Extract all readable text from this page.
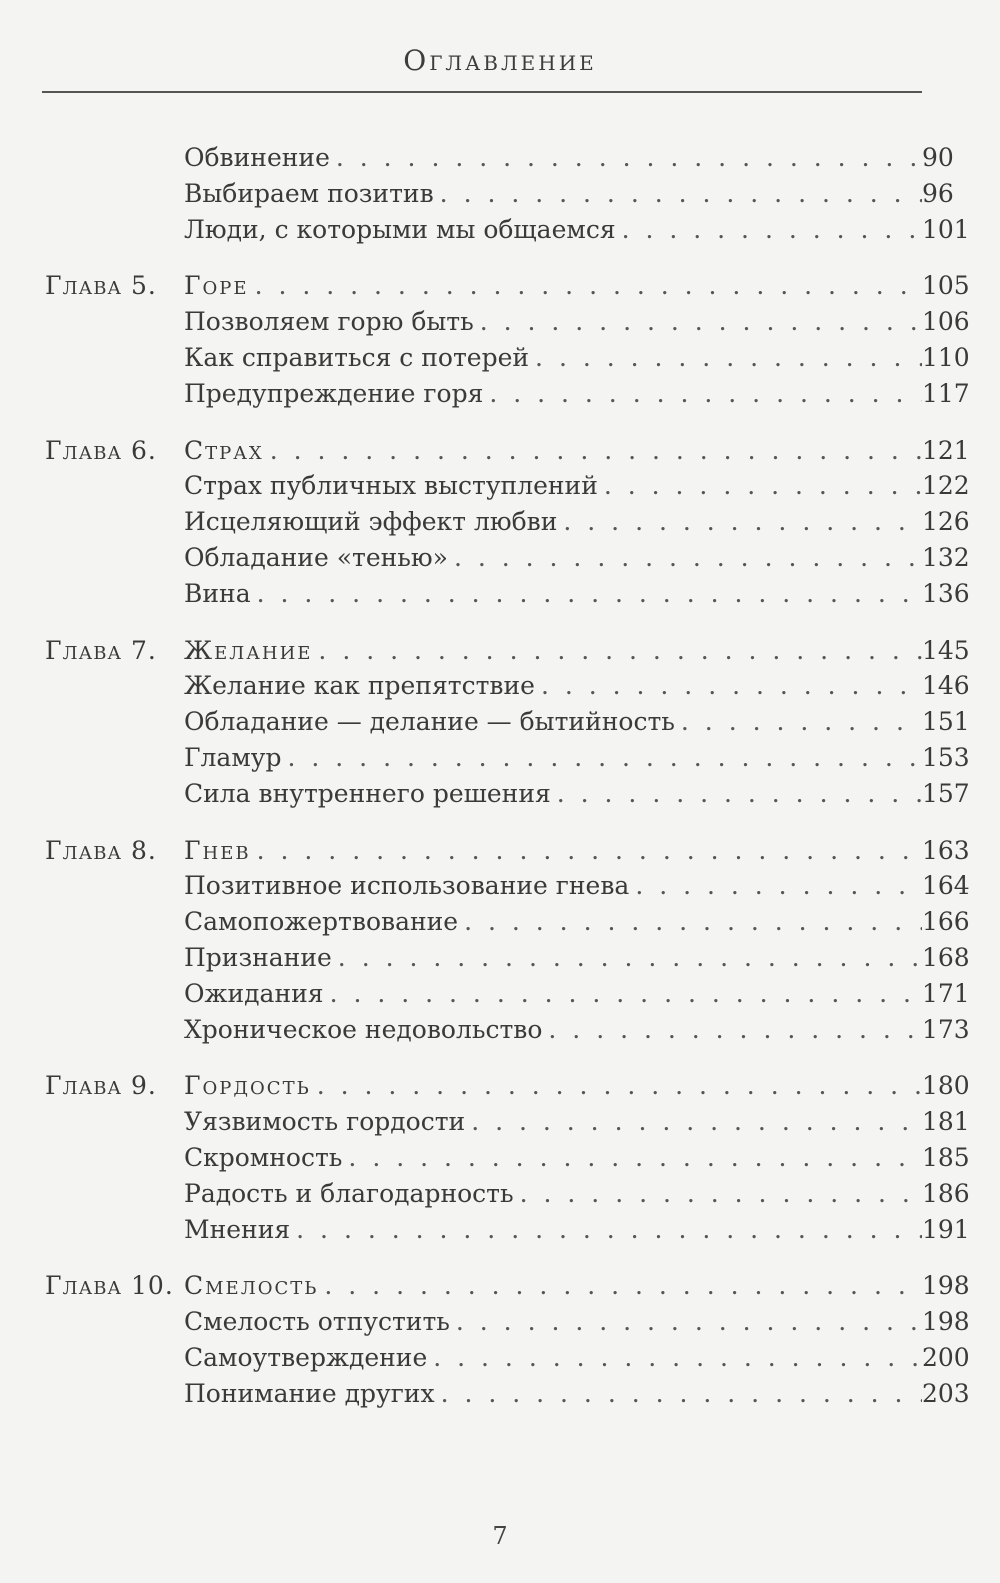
Оглавление
Обвинение . . .	90
Выбираем позитив . . .	96
Люди, с которыми мы общаемся . . .	101
Глава 5. Горе . . .	105
Позволяем горю быть . . .	106
Как справиться с потерей . . .	110
Предупреждение горя . . .	117
Глава 6. Страх . . .	121
Страх публичных выступлений . . .	122
Исцеляющий эффект любви . . .	126
Обладание «тенью» . . .	132
Вина . . .	136
Глава 7. Желание . . .	145
Желание как препятствие . . .	146
Обладание — делание — бытийность . . .	151
Гламур . . .	153
Сила внутреннего решения . . .	157
Глава 8. Гнев . . .	163
Позитивное использование гнева . . .	164
Самопожертвование . . .	166
Признание . . .	168
Ожидания . . .	171
Хроническое недовольство . . .	173
Глава 9. Гордость . . .	180
Уязвимость гордости . . .	181
Скромность . . .	185
Радость и благодарность . . .	186
Мнения . . .	191
Глава 10. Смелость . . .	198
Смелость отпустить . . .	198
Самоутверждение . . .	200
Понимание других . . .	203
7
